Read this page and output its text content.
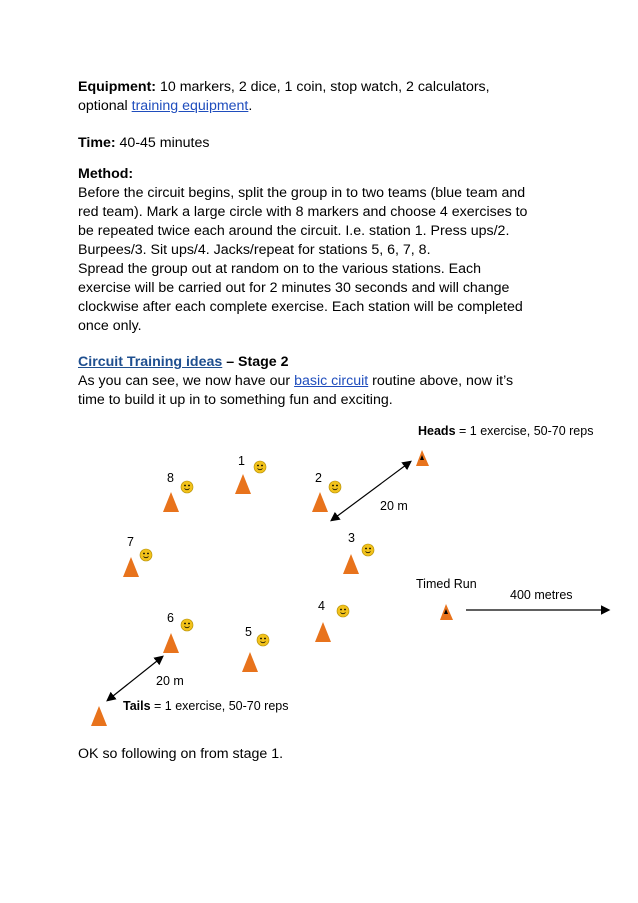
Equipment: 10 markers, 2 dice, 1 coin, stop watch, 2 calculators,
optional training equipment.

Time: 40-45 minutes

Method:
Before the circuit begins, split the group in to two teams (blue team and
red team). Mark a large circle with 8 markers and choose 4 exercises to
be repeated twice each around the circuit. I.e. station 1. Press ups/2.
Burpees/3. Sit ups/4. Jacks/repeat for stations 5, 6, 7, 8.
Spread the group out at random on to the various stations. Each
exercise will be carried out for 2 minutes 30 seconds and will change
clockwise after each complete exercise. Each station will be completed
once only.

Circuit Training ideas – Stage 2
As you can see, we now have our basic circuit routine above, now it’s
time to build it up in to something fun and exciting.

Heads = 1 exercise, 50-70 reps
20 m
8
1
2
7	3
Timed Run
400 metres
4
6
5
20 m
Tails = 1 exercise, 50-70 reps

OK so following on from stage 1.
